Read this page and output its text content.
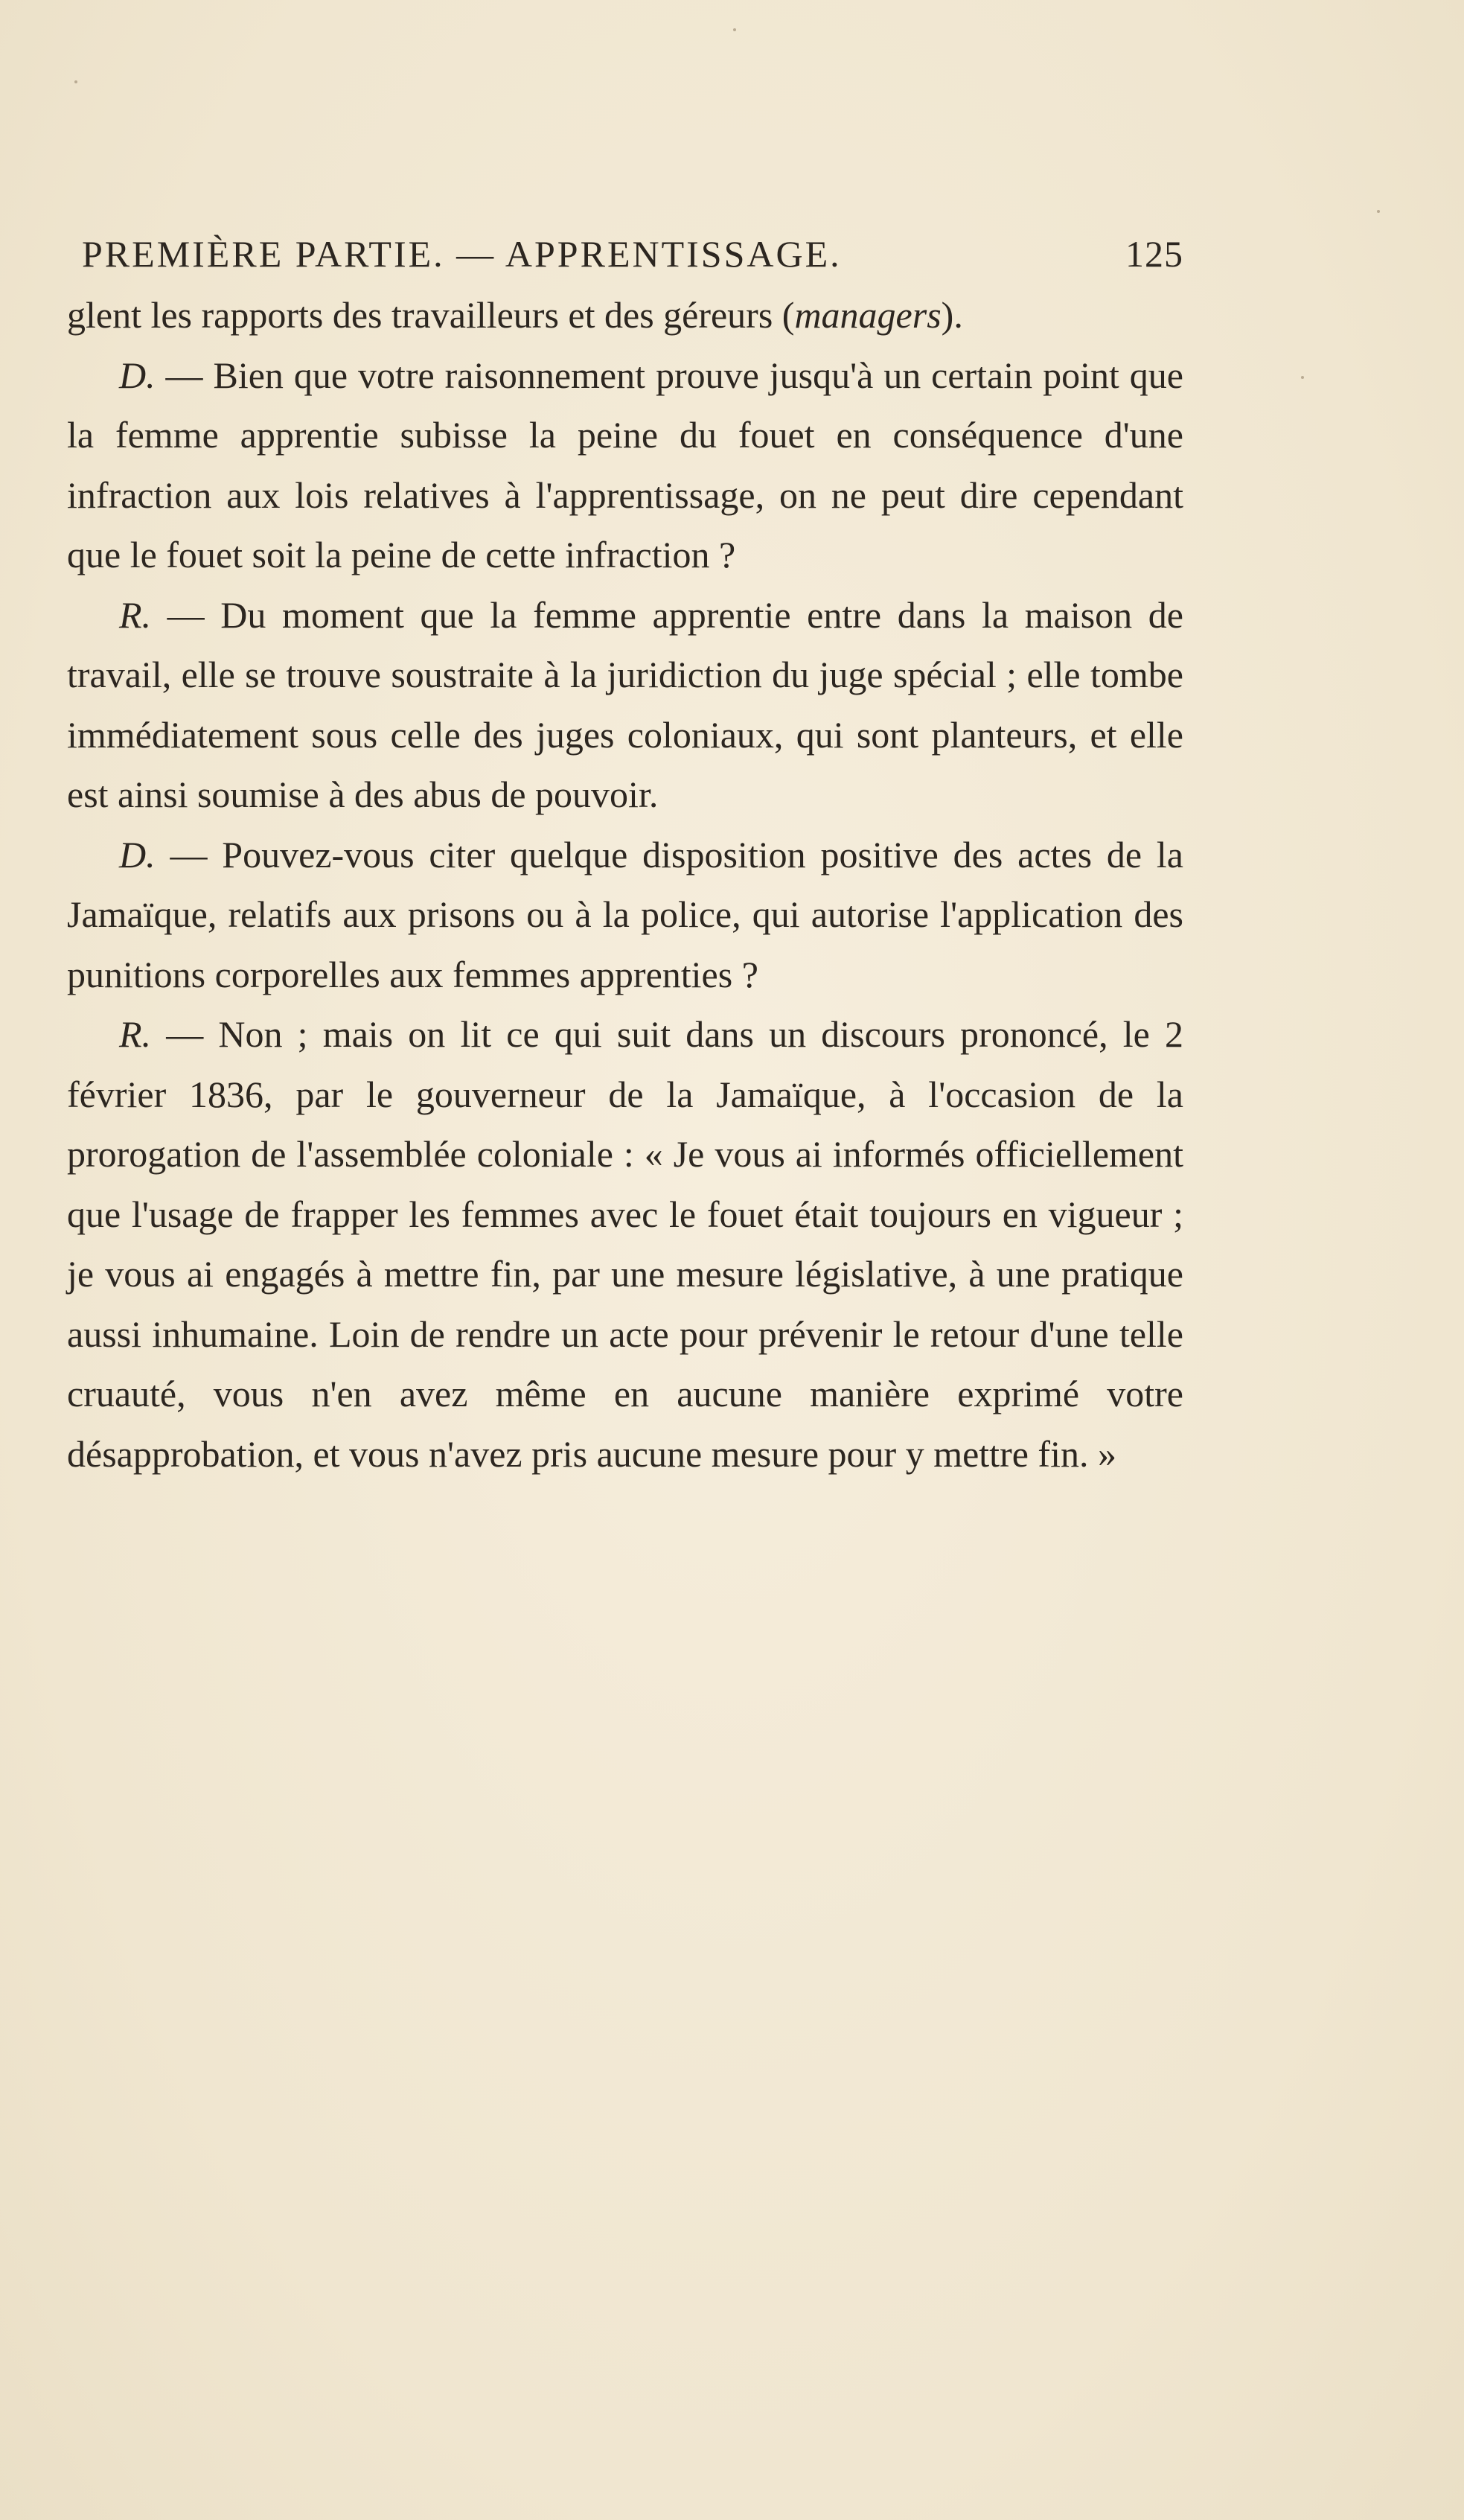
PREMIÈRE PARTIE. — APPRENTISSAGE.	125

glent les rapports des travailleurs et des géreurs (managers).

D. — Bien que votre raisonnement prouve jusqu'à un certain point que la femme apprentie subisse la peine du fouet en conséquence d'une infraction aux lois relatives à l'apprentissage, on ne peut dire cependant que le fouet soit la peine de cette infraction ?

R. — Du moment que la femme apprentie entre dans la maison de travail, elle se trouve soustraite à la juridiction du juge spécial ; elle tombe immédiatement sous celle des juges coloniaux, qui sont planteurs, et elle est ainsi soumise à des abus de pouvoir.

D. — Pouvez-vous citer quelque disposition positive des actes de la Jamaïque, relatifs aux prisons ou à la police, qui autorise l'application des punitions corporelles aux femmes apprenties ?

R. — Non ; mais on lit ce qui suit dans un discours prononcé, le 2 février 1836, par le gouverneur de la Jamaïque, à l'occasion de la prorogation de l'assemblée coloniale : « Je vous ai informés officiellement que l'usage de frapper les femmes avec le fouet était toujours en vigueur ; je vous ai engagés à mettre fin, par une mesure législative, à une pratique aussi inhumaine. Loin de rendre un acte pour prévenir le retour d'une telle cruauté, vous n'en avez même en aucune manière exprimé votre désapprobation, et vous n'avez pris aucune mesure pour y mettre fin. »
